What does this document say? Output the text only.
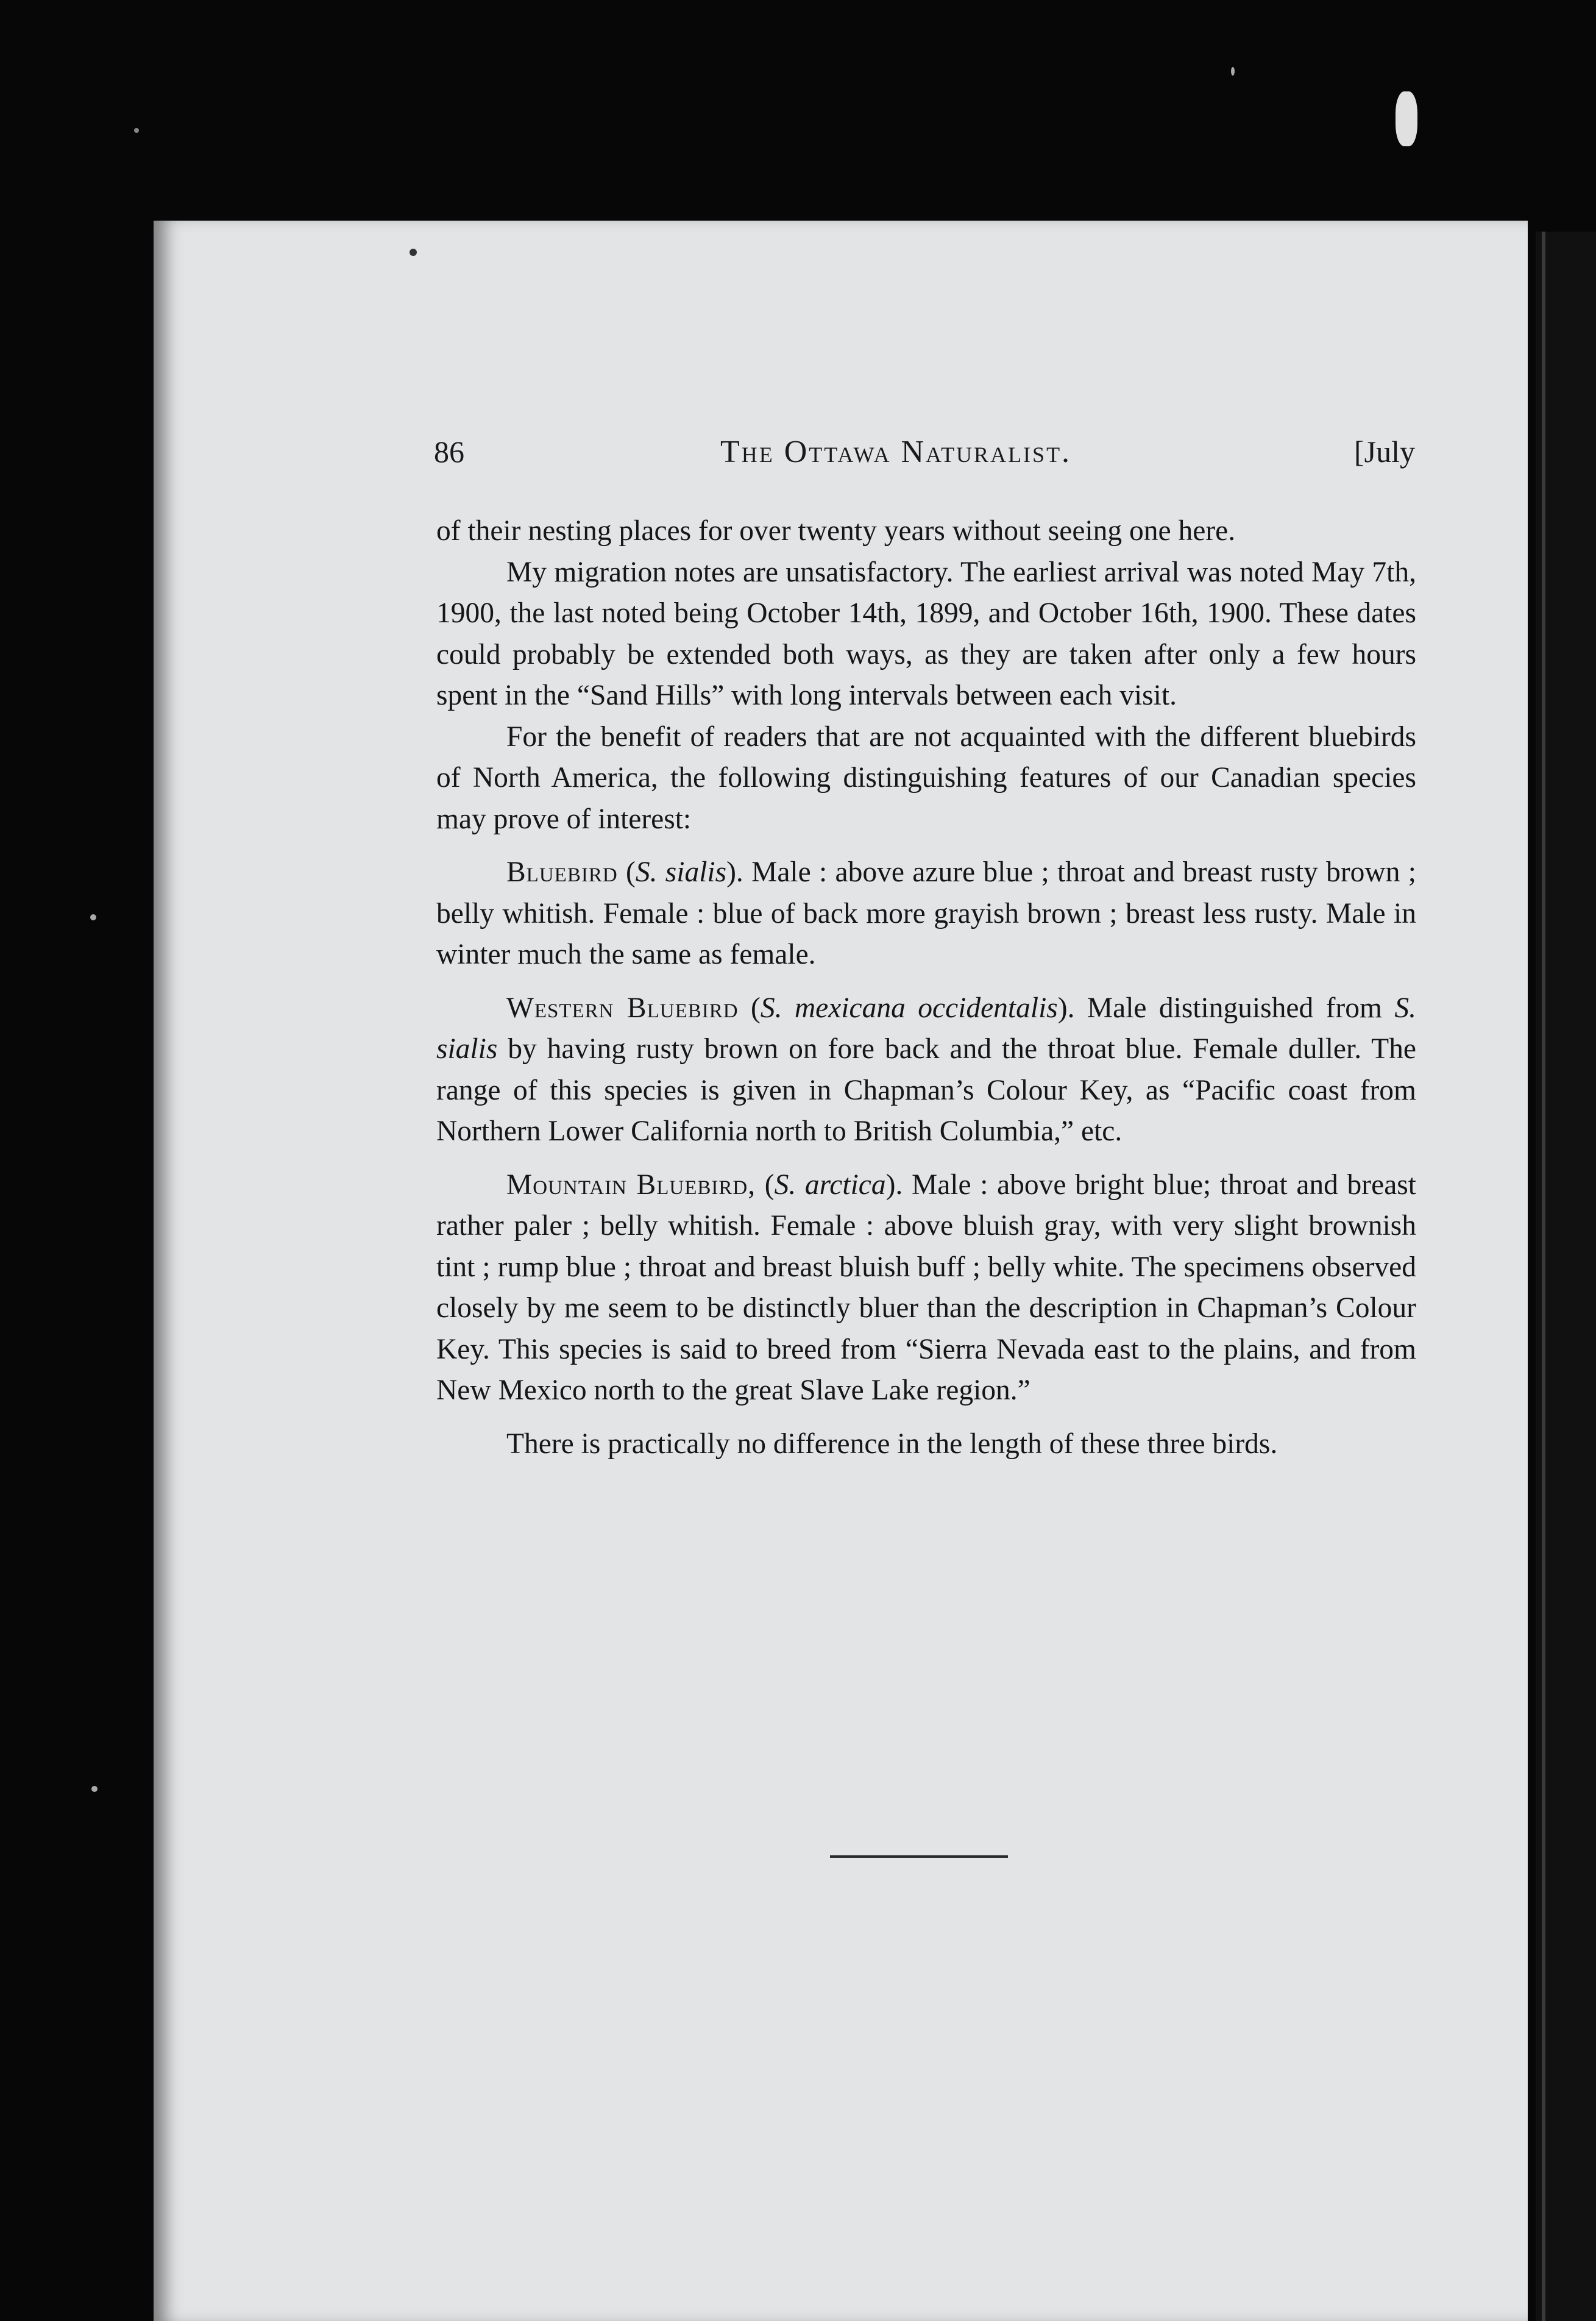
86	The Ottawa Naturalist.	[July

of their nesting places for over twenty years without seeing one here.

My migration notes are unsatisfactory. The earliest arrival was noted May 7th, 1900, the last noted being October 14th, 1899, and October 16th, 1900. These dates could probably be extended both ways, as they are taken after only a few hours spent in the “Sand Hills” with long intervals between each visit.

For the benefit of readers that are not acquainted with the different bluebirds of North America, the following distinguishing features of our Canadian species may prove of interest:

Bluebird (S. sialis). Male : above azure blue ; throat and breast rusty brown ; belly whitish. Female : blue of back more grayish brown ; breast less rusty. Male in winter much the same as female.

Western Bluebird (S. mexicana occidentalis). Male distinguished from S. sialis by having rusty brown on fore back and the throat blue. Female duller. The range of this species is given in Chapman’s Colour Key, as “Pacific coast from Northern Lower California north to British Columbia,” etc.

Mountain Bluebird, (S. arctica). Male : above bright blue; throat and breast rather paler ; belly whitish. Female : above bluish gray, with very slight brownish tint ; rump blue ; throat and breast bluish buff ; belly white. The specimens observed closely by me seem to be distinctly bluer than the description in Chapman’s Colour Key. This species is said to breed from “Sierra Nevada east to the plains, and from New Mexico north to the great Slave Lake region.”

There is practically no difference in the length of these three birds.
